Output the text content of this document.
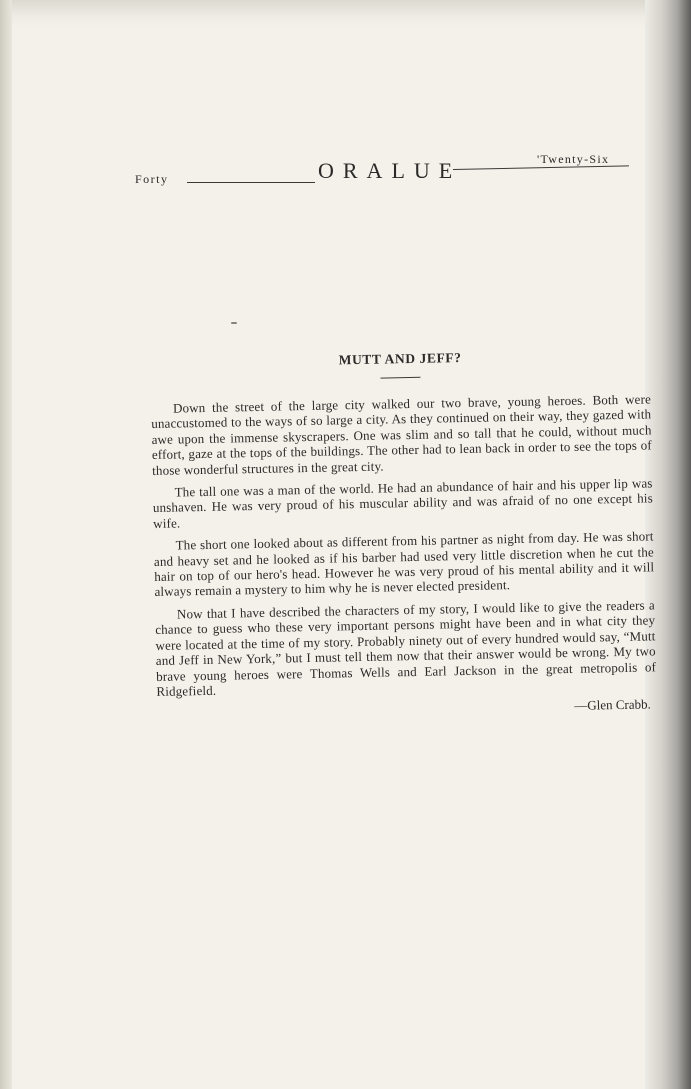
Forty	ORALUE	'Twenty-Six
MUTT AND JEFF?

Down the street of the large city walked our two brave, young heroes. Both were unaccustomed to the ways of so large a city. As they continued on their way, they gazed with awe upon the immense skyscrapers. One was slim and so tall that he could, without much effort, gaze at the tops of the buildings. The other had to lean back in order to see the tops of those wonderful structures in the great city.

The tall one was a man of the world. He had an abundance of hair and his upper lip was unshaven. He was very proud of his muscular ability and was afraid of no one except his wife.

The short one looked about as different from his partner as night from day. He was short and heavy set and he looked as if his barber had used very little discretion when he cut the hair on top of our hero's head. However he was very proud of his mental ability and it will always remain a mystery to him why he is never elected president.

Now that I have described the characters of my story, I would like to give the readers a chance to guess who these very important persons might have been and in what city they were located at the time of my story. Probably ninety out of every hundred would say, “Mutt and Jeff in New York,” but I must tell them now that their answer would be wrong. My two brave young heroes were Thomas Wells and Earl Jackson in the great metropolis of Ridgefield.

—Glen Crabb.
